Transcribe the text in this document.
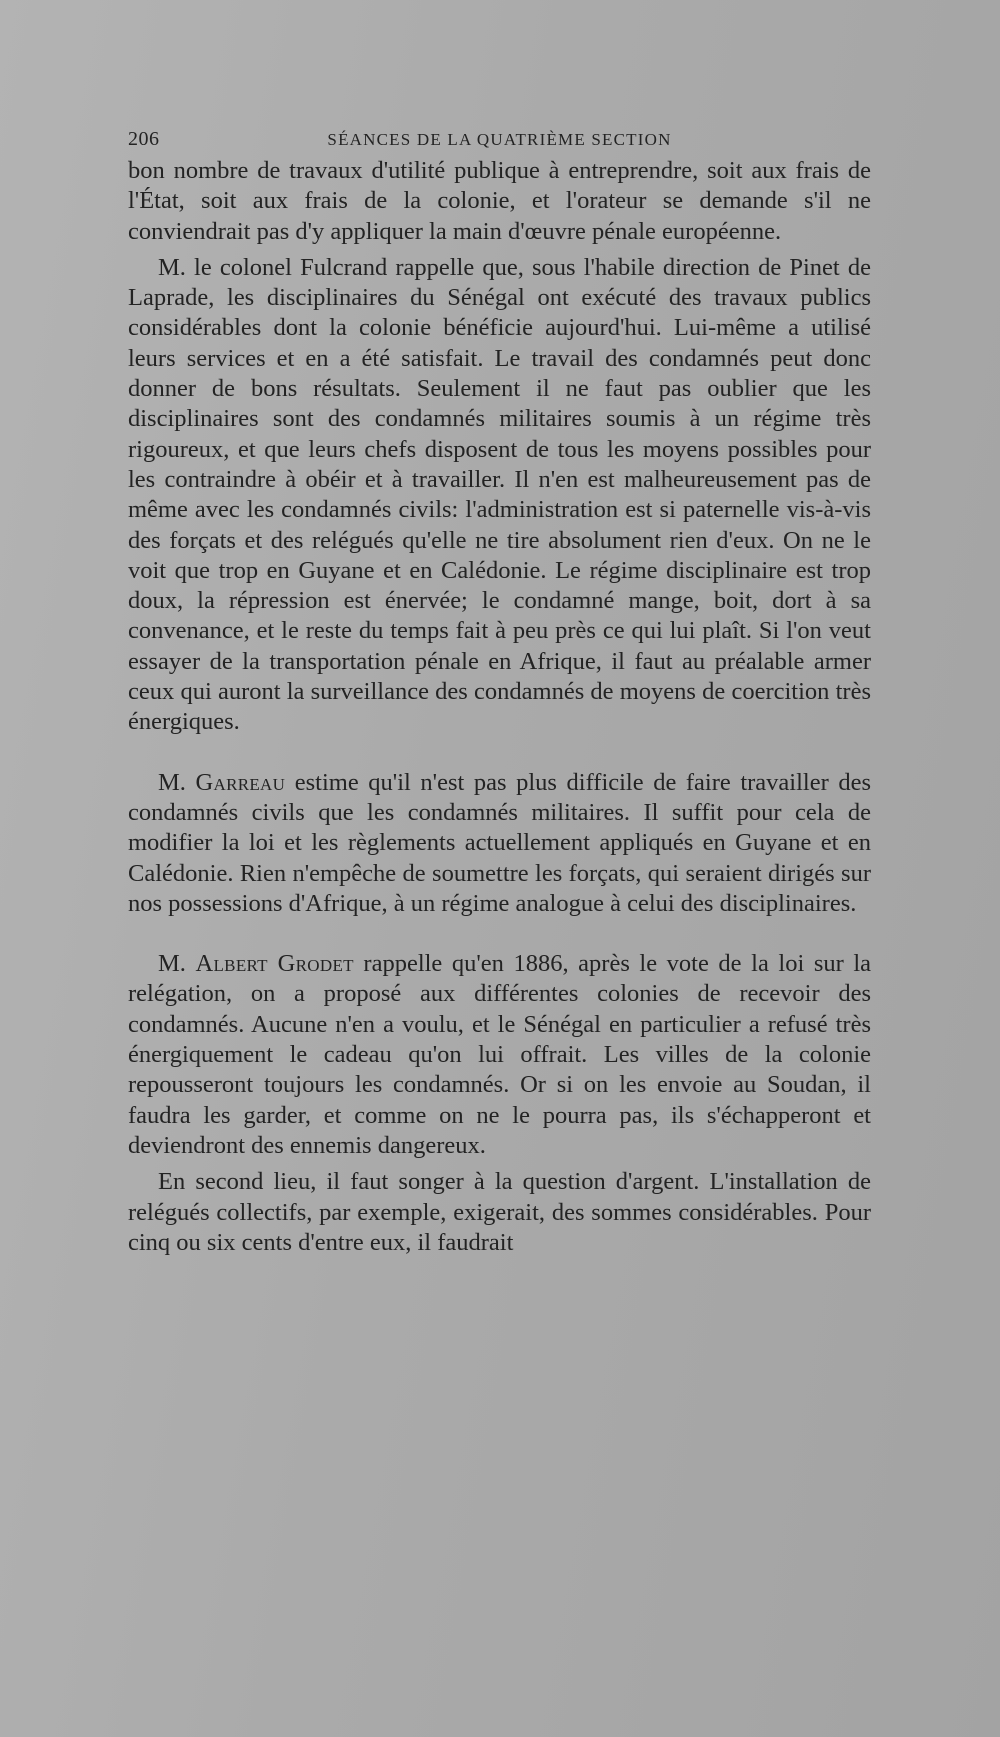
206	SÉANCES DE LA QUATRIÈME SECTION

bon nombre de travaux d'utilité publique à entreprendre, soit aux frais de l'État, soit aux frais de la colonie, et l'orateur se demande s'il ne conviendrait pas d'y appliquer la main d'œuvre pénale européenne.

M. le colonel Fulcrand rappelle que, sous l'habile direction de Pinet de Laprade, les disciplinaires du Sénégal ont exécuté des travaux publics considérables dont la colonie bénéficie aujourd'hui. Lui-même a utilisé leurs services et en a été satisfait. Le travail des condamnés peut donc donner de bons résultats. Seulement il ne faut pas oublier que les disciplinaires sont des condamnés militaires soumis à un régime très rigoureux, et que leurs chefs disposent de tous les moyens possibles pour les contraindre à obéir et à travailler. Il n'en est malheureusement pas de même avec les condamnés civils: l'administration est si paternelle vis-à-vis des forçats et des relégués qu'elle ne tire absolument rien d'eux. On ne le voit que trop en Guyane et en Calédonie. Le régime disciplinaire est trop doux, la répression est énervée; le condamné mange, boit, dort à sa convenance, et le reste du temps fait à peu près ce qui lui plaît. Si l'on veut essayer de la transportation pénale en Afrique, il faut au préalable armer ceux qui auront la surveillance des condamnés de moyens de coercition très énergiques.

M. Garreau estime qu'il n'est pas plus difficile de faire travailler des condamnés civils que les condamnés militaires. Il suffit pour cela de modifier la loi et les règlements actuellement appliqués en Guyane et en Calédonie. Rien n'empêche de soumettre les forçats, qui seraient dirigés sur nos possessions d'Afrique, à un régime analogue à celui des disciplinaires.

M. Albert Grodet rappelle qu'en 1886, après le vote de la loi sur la relégation, on a proposé aux différentes colonies de recevoir des condamnés. Aucune n'en a voulu, et le Sénégal en particulier a refusé très énergiquement le cadeau qu'on lui offrait. Les villes de la colonie repousseront toujours les condamnés. Or si on les envoie au Soudan, il faudra les garder, et comme on ne le pourra pas, ils s'échapperont et deviendront des ennemis dangereux.

En second lieu, il faut songer à la question d'argent. L'installation de relégués collectifs, par exemple, exigerait, des sommes considérables. Pour cinq ou six cents d'entre eux, il faudrait
